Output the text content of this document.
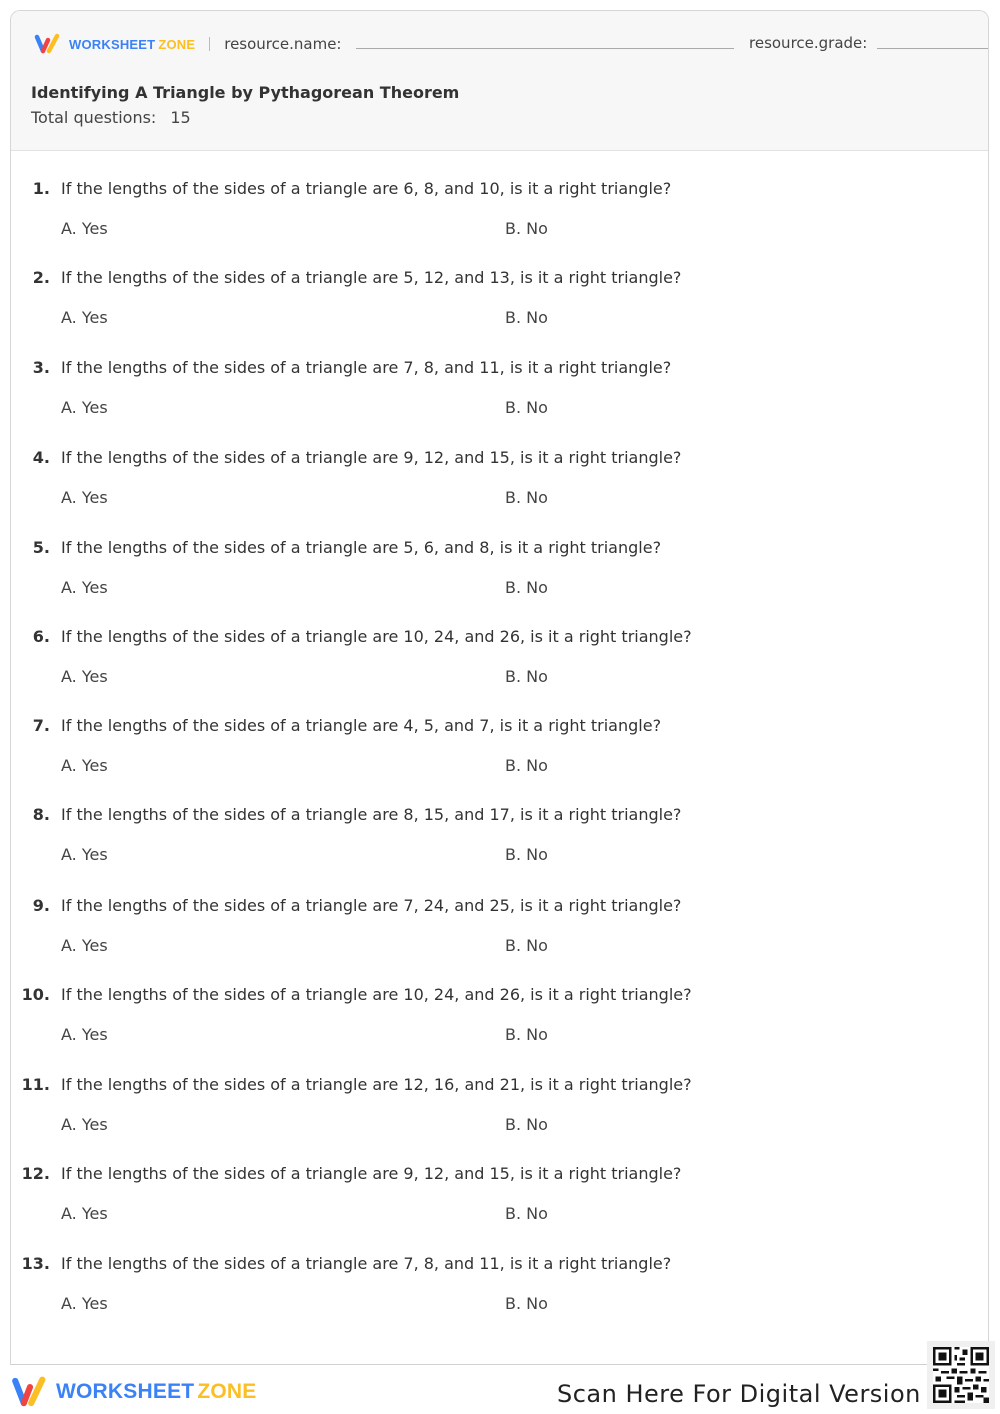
WORKSHEET ZONE resource.name:	resource.grade:
Identifying A Triangle by Pythagorean Theorem
Total questions: 15
1. If the lengths of the sides of a triangle are 6, 8, and 10, is it a right triangle?
A. Yes	B. No
2. If the lengths of the sides of a triangle are 5, 12, and 13, is it a right triangle?
A. Yes	B. No
3. If the lengths of the sides of a triangle are 7, 8, and 11, is it a right triangle?
A. Yes	B. No
4. If the lengths of the sides of a triangle are 9, 12, and 15, is it a right triangle?
A. Yes	B. No
5. If the lengths of the sides of a triangle are 5, 6, and 8, is it a right triangle?
A. Yes	B. No
6. If the lengths of the sides of a triangle are 10, 24, and 26, is it a right triangle?
A. Yes	B. No
7. If the lengths of the sides of a triangle are 4, 5, and 7, is it a right triangle?
A. Yes	B. No
8. If the lengths of the sides of a triangle are 8, 15, and 17, is it a right triangle?
A. Yes	B. No
9. If the lengths of the sides of a triangle are 7, 24, and 25, is it a right triangle?
A. Yes	B. No
10. If the lengths of the sides of a triangle are 10, 24, and 26, is it a right triangle?
A. Yes	B. No
11. If the lengths of the sides of a triangle are 12, 16, and 21, is it a right triangle?
A. Yes	B. No
12. If the lengths of the sides of a triangle are 9, 12, and 15, is it a right triangle?
A. Yes	B. No
13. If the lengths of the sides of a triangle are 7, 8, and 11, is it a right triangle?
A. Yes	B. No
WORKSHEET ZONE	Scan Here For Digital Version
